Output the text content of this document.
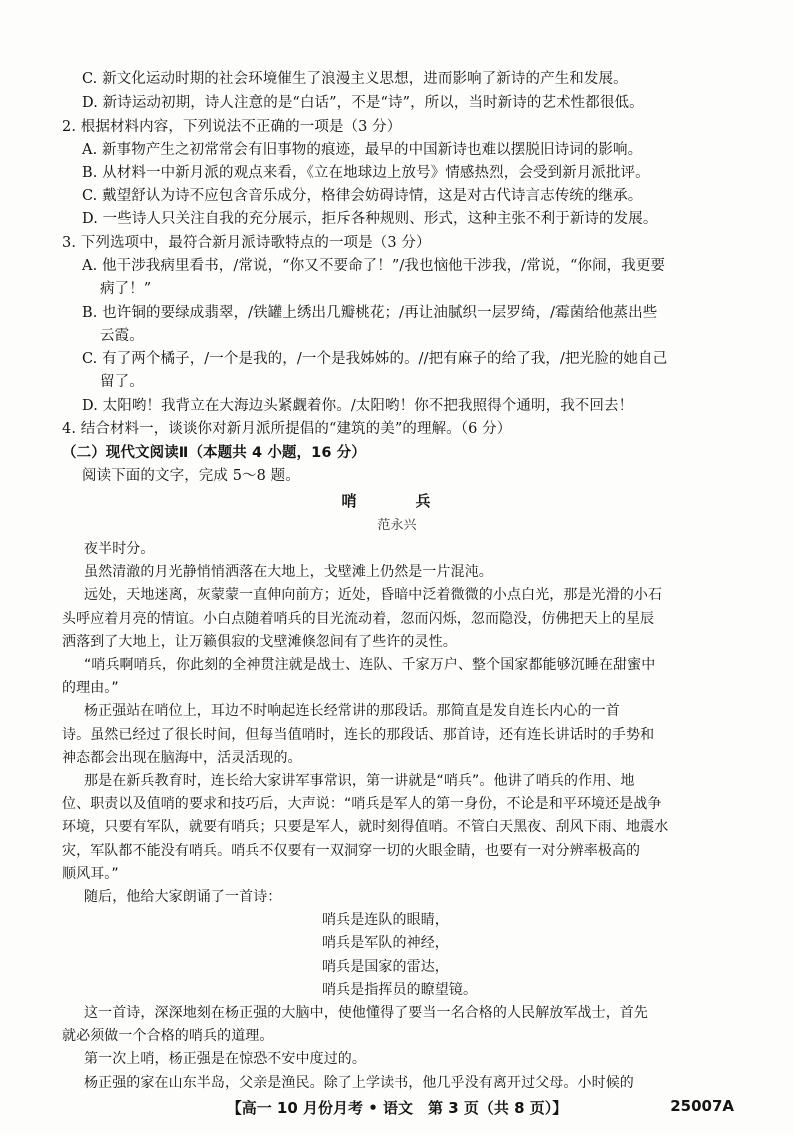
C. 新文化运动时期的社会环境催生了浪漫主义思想，进而影响了新诗的产生和发展。
D. 新诗运动初期，诗人注意的是“白话”，不是“诗”，所以，当时新诗的艺术性都很低。
2. 根据材料内容，下列说法不正确的一项是（3 分）
A. 新事物产生之初常常会有旧事物的痕迹，最早的中国新诗也难以摆脱旧诗词的影响。
B. 从材料一中新月派的观点来看，《立在地球边上放号》情感热烈，会受到新月派批评。
C. 戴望舒认为诗不应包含音乐成分，格律会妨碍诗情，这是对古代诗言志传统的继承。
D. 一些诗人只关注自我的充分展示，拒斥各种规则、形式，这种主张不利于新诗的发展。
3. 下列选项中，最符合新月派诗歌特点的一项是（3 分）
A. 他干涉我病里看书，/常说，“你又不要命了！”/我也恼他干涉我，/常说，“你闹，我更要
病了！”
B. 也许铜的要绿成翡翠，/铁罐上绣出几瓣桃花；/再让油腻织一层罗绮，/霉菌给他蒸出些
云霞。
C. 有了两个橘子，/一个是我的，/一个是我姊姊的。//把有麻子的给了我，/把光脸的她自己
留了。
D. 太阳哟！我背立在大海边头紧觑着你。/太阳哟！你不把我照得个通明，我不回去！
4. 结合材料一，谈谈你对新月派所提倡的“建筑的美”的理解。（6 分）
（二）现代文阅读Ⅱ（本题共 4 小题，16 分）
阅读下面的文字，完成 5～8 题。
哨　兵
范永兴
夜半时分。
虽然清澈的月光静悄悄洒落在大地上，戈壁滩上仍然是一片混沌。
远处，天地迷离，灰蒙蒙一直伸向前方；近处，昏暗中泛着微微的小点白光，那是光滑的小石
头呼应着月亮的情谊。小白点随着哨兵的目光流动着，忽而闪烁，忽而隐没，仿佛把天上的星辰
洒落到了大地上，让万籁俱寂的戈壁滩倏忽间有了些许的灵性。
“哨兵啊哨兵，你此刻的全神贯注就是战士、连队、千家万户、整个国家都能够沉睡在甜蜜中
的理由。”
杨正强站在哨位上，耳边不时响起连长经常讲的那段话。那简直是发自连长内心的一首
诗。虽然已经过了很长时间，但每当值哨时，连长的那段话、那首诗，还有连长讲话时的手势和
神态都会出现在脑海中，活灵活现的。
那是在新兵教育时，连长给大家讲军事常识，第一讲就是“哨兵”。他讲了哨兵的作用、地
位、职责以及值哨的要求和技巧后，大声说：“哨兵是军人的第一身份，不论是和平环境还是战争
环境，只要有军队，就要有哨兵；只要是军人，就时刻得值哨。不管白天黑夜、刮风下雨、地震水
灾，军队都不能没有哨兵。哨兵不仅要有一双洞穿一切的火眼金睛，也要有一对分辨率极高的
顺风耳。”
随后，他给大家朗诵了一首诗：
哨兵是连队的眼睛，
哨兵是军队的神经，
哨兵是国家的雷达，
哨兵是指挥员的瞭望镜。
这一首诗，深深地刻在杨正强的大脑中，使他懂得了要当一名合格的人民解放军战士，首先
就必须做一个合格的哨兵的道理。
第一次上哨，杨正强是在惊恐不安中度过的。
杨正强的家在山东半岛，父亲是渔民。除了上学读书，他几乎没有离开过父母。小时候的
【高一 10 月份月考 • 语文　第 3 页（共 8 页）】	25007A
